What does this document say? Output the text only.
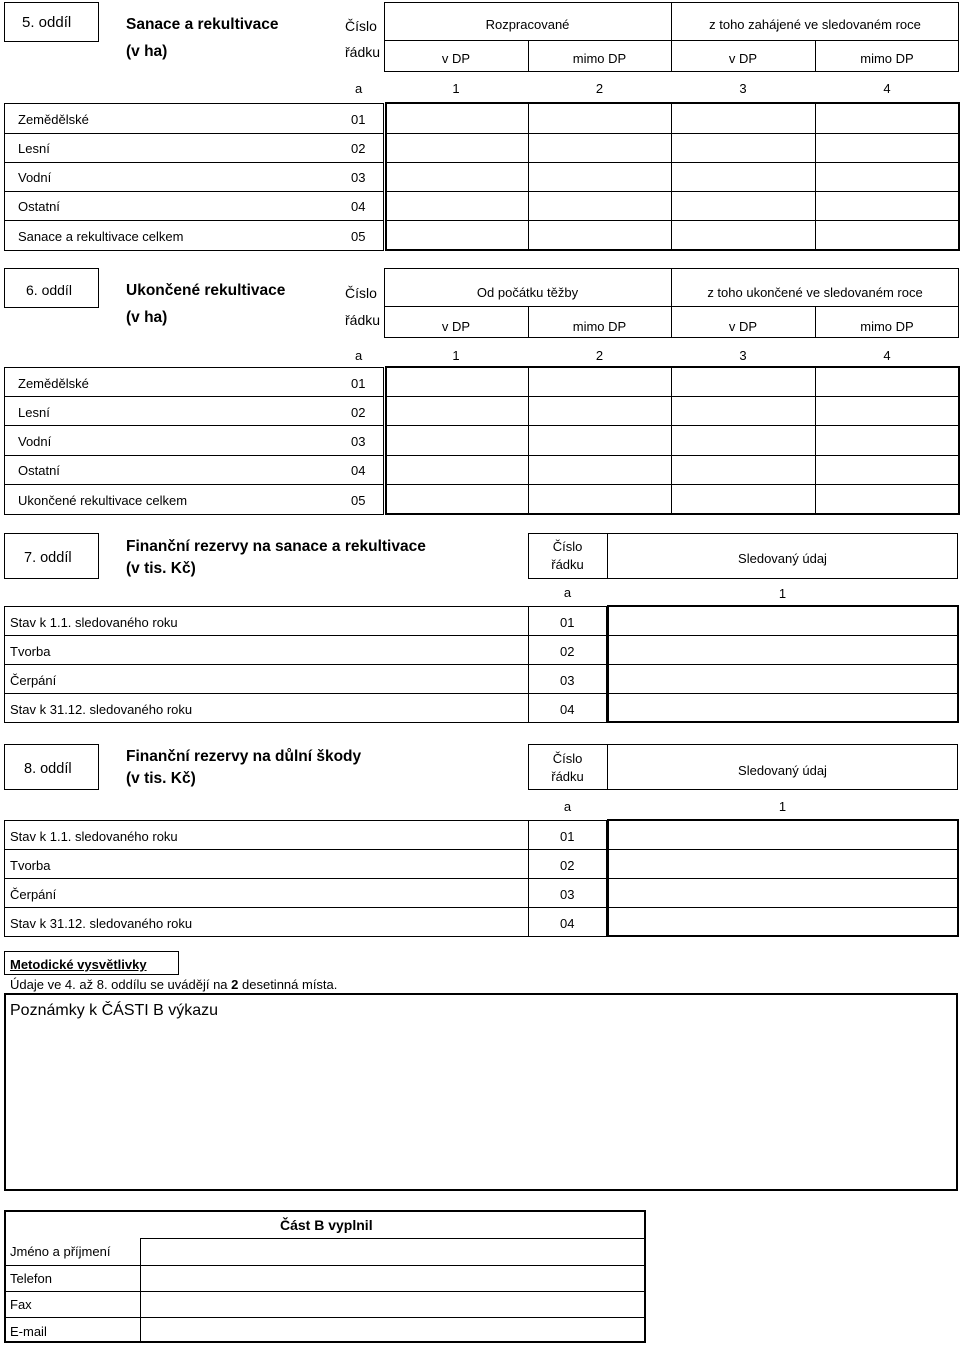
5. oddíl	Sanace a rekultivace
(v ha)
Číslo
řádku
Rozpracované	z toho zahájené ve sledovaném roce
v DP	mimo DP	v DP	mimo DP
a	1	2	3	4
Zemědělské	01
Lesní	02
Vodní	03
Ostatní	04
Sanace a rekultivace celkem	05
6. oddíl	Ukončené rekultivace
(v ha)
Číslo
řádku
Od počátku těžby	z toho ukončené ve sledovaném roce
v DP	mimo DP	v DP	mimo DP
a	1	2	3	4
Zemědělské	01
Lesní	02
Vodní	03
Ostatní	04
Ukončené rekultivace celkem	05
7. oddíl
Finanční rezervy na sanace a rekultivace
(v tis. Kč)
Číslo
řádku	Sledovaný údaj
a	1
Stav k 1.1. sledovaného roku	01
Tvorba	02
Čerpání	03
Stav k 31.12. sledovaného roku	04
8. oddíl
Finanční rezervy na důlní škody
(v tis. Kč)
Číslo
řádku	Sledovaný údaj
a	1
Stav k 1.1. sledovaného roku	01
Tvorba	02
Čerpání	03
Stav k 31.12. sledovaného roku	04
Metodické vysvětlivky
Údaje ve 4. až 8. oddílu se uvádějí na 2 desetinná místa.
Poznámky k ČÁSTI B výkazu
Část B vyplnil
Jméno a příjmení
Telefon
Fax
E-mail
